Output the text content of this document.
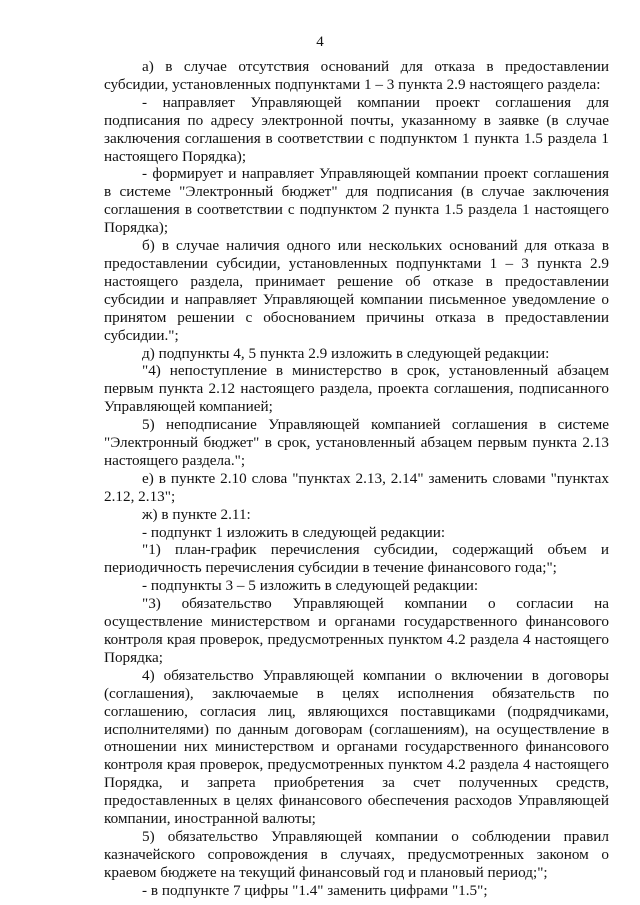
4

а) в случае отсутствия оснований для отказа в предоставлении субсидии, установленных подпунктами 1 – 3 пункта 2.9 настоящего раздела:

- направляет Управляющей компании проект соглашения для подписания по адресу электронной почты, указанному в заявке (в случае заключения соглашения в соответствии с подпунктом 1 пункта 1.5 раздела 1 настоящего Порядка);

- формирует и направляет Управляющей компании проект соглашения в системе "Электронный бюджет" для подписания (в случае заключения соглашения в соответствии с подпунктом 2 пункта 1.5 раздела 1 настоящего Порядка);

б) в случае наличия одного или нескольких оснований для отказа в предоставлении субсидии, установленных подпунктами 1 – 3 пункта 2.9 настоящего раздела, принимает решение об отказе в предоставлении субсидии и направляет Управляющей компании письменное уведомление о принятом решении с обоснованием причины отказа в предоставлении субсидии.";

д) подпункты 4, 5 пункта 2.9 изложить в следующей редакции:

"4) непоступление в министерство в срок, установленный абзацем первым пункта 2.12 настоящего раздела, проекта соглашения, подписанного Управляющей компанией;

5) неподписание Управляющей компанией соглашения в системе "Электронный бюджет" в срок, установленный абзацем первым пункта 2.13 настоящего раздела.";

е) в пункте 2.10 слова "пунктах 2.13, 2.14" заменить словами "пунктах 2.12, 2.13";

ж) в пункте 2.11:

- подпункт 1 изложить в следующей редакции:

"1) план-график перечисления субсидии, содержащий объем и периодичность перечисления субсидии в течение финансового года;";

- подпункты 3 – 5 изложить в следующей редакции:

"3) обязательство Управляющей компании о согласии на осуществление министерством и органами государственного финансового контроля края проверок, предусмотренных пунктом 4.2 раздела 4 настоящего Порядка;

4) обязательство Управляющей компании о включении в договоры (соглашения), заключаемые в целях исполнения обязательств по соглашению, согласия лиц, являющихся поставщиками (подрядчиками, исполнителями) по данным договорам (соглашениям), на осуществление в отношении них министерством и органами государственного финансового контроля края проверок, предусмотренных пунктом 4.2 раздела 4 настоящего Порядка, и запрета приобретения за счет полученных средств, предоставленных в целях финансового обеспечения расходов Управляющей компании, иностранной валюты;

5) обязательство Управляющей компании о соблюдении правил казначейского сопровождения в случаях, предусмотренных законом о краевом бюджете на текущий финансовый год и плановый период;";

- в подпункте 7 цифры "1.4" заменить цифрами "1.5";
